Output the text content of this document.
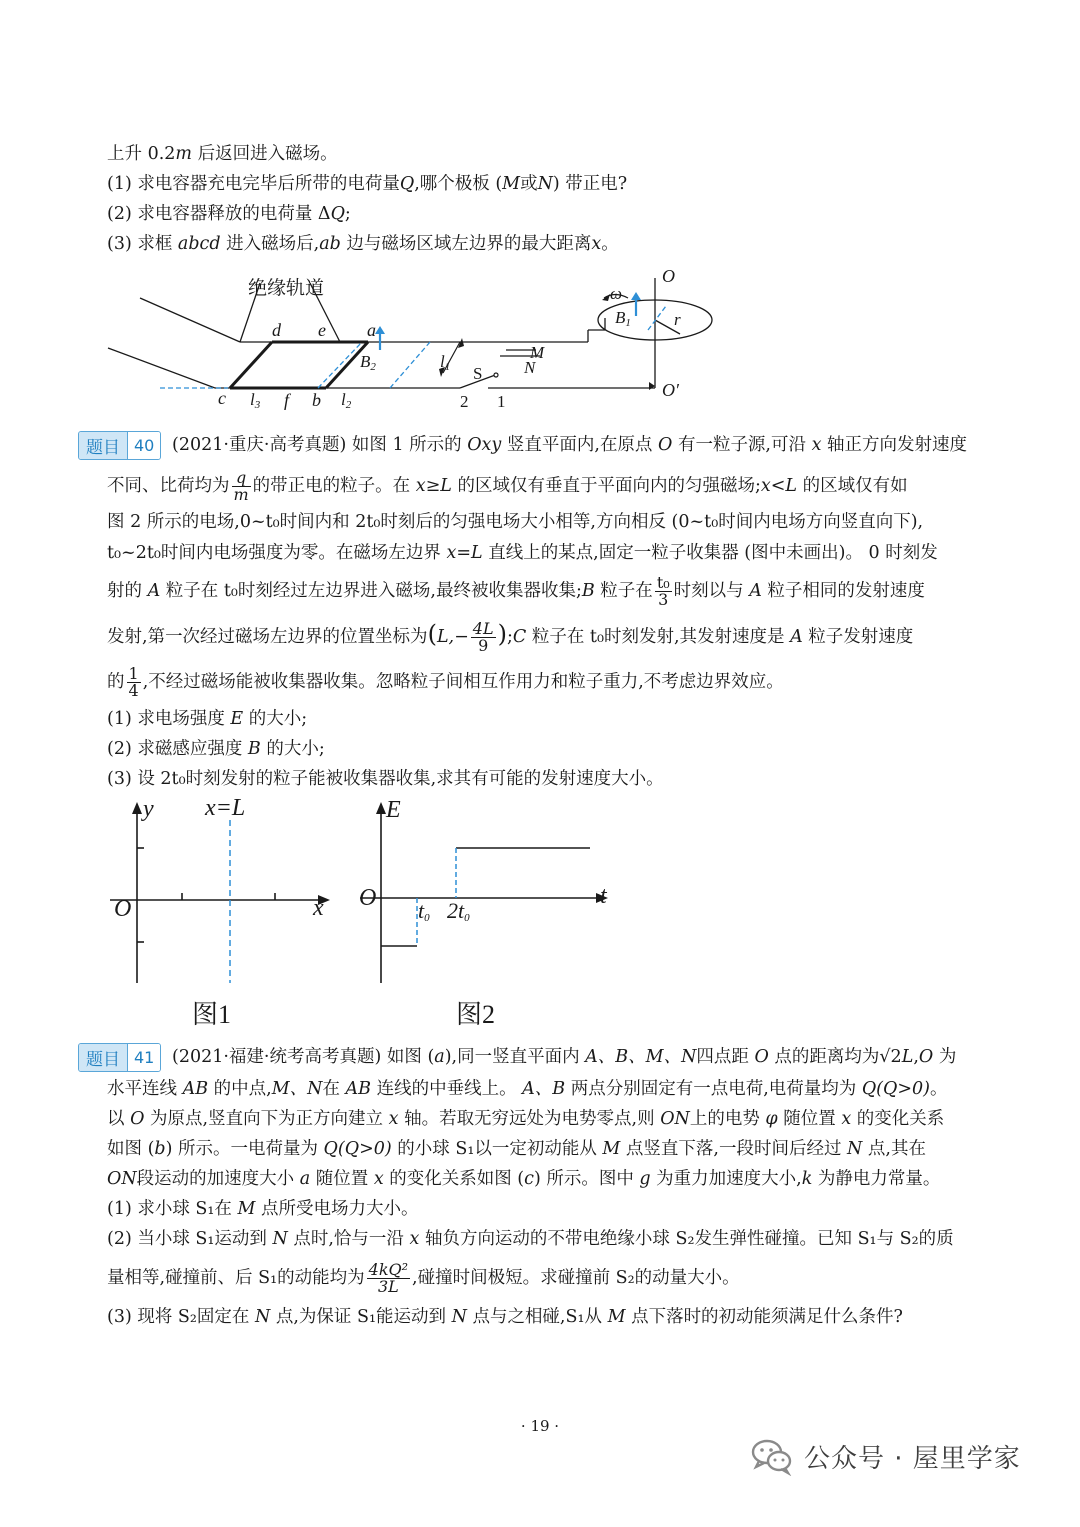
上升 0.2m 后返回进入磁场。
(1) 求电容器充电完毕后所带的电荷量Q,哪个极板 (M或N) 带正电?
(2) 求电容器释放的电荷量 ΔQ;
(3) 求框 abcd 进入磁场后,ab 边与磁场区域左边界的最大距离x。
绝缘轨道
d e a
$B_2$	$l_1$
c $l_3$ f b $l_2$
M
N
S
2 1
O
O′
ω
$B_1$	r
题目 40	(2021·重庆·高考真题) 如图 1 所示的 Oxy 竖直平面内,在原点 O 有一粒子源,可沿 x 轴正方向发射速度
不同、比荷均为 $\frac{q}{m}$ 的带正电的粒子。在 x≥L 的区域仅有垂直于平面向内的匀强磁场;x<L 的区域仅有如
图 2 所示的电场,0~t₀时间内和 2t₀时刻后的匀强电场大小相等,方向相反 (0~t₀时间内电场方向竖直向下),
t₀~2t₀时间内电场强度为零。在磁场左边界 x=L 直线上的某点,固定一粒子收集器 (图中未画出)。 0 时刻发
射的 A 粒子在 t₀时刻经过左边界进入磁场,最终被收集器收集;B 粒子在 $\frac{\text{t₀}}{3}$ 时刻以与 A 粒子相同的发射速度
发射,第一次经过磁场左边界的位置坐标为($L,- \frac{4L}{9}$ );C 粒子在 t₀时刻发射,其发射速度是 A 粒子发射速度
的 $\frac{1}{4}$ ,不经过磁场能被收集器收集。忽略粒子间相互作用力和粒子重力,不考虑边界效应。
(1) 求电场强度 E 的大小;
(2) 求磁感应强度 B 的大小;
(3) 设 2t₀时刻发射的粒子能被收集器收集,求其有可能的发射速度大小。
y x=L
x
O
图1
E
O	t
$t_0$ $2t_0$
图2
题目 41	(2021·福建·统考高考真题) 如图 (a),同一竖直平面内 A、B、M、N四点距 O 点的距离均为√2L,O 为
水平连线 AB 的中点,M、N在 AB 连线的中垂线上。 A、B 两点分别固定有一点电荷,电荷量均为 Q(Q>0)。
以 O 为原点,竖直向下为正方向建立 x 轴。若取无穷远处为电势零点,则 ON上的电势 φ 随位置 x 的变化关系
如图 (b) 所示。一电荷量为 Q(Q>0) 的小球 S₁以一定初动能从 M 点竖直下落,一段时间后经过 N 点,其在
ON段运动的加速度大小 a 随位置 x 的变化关系如图 (c) 所示。图中 g 为重力加速度大小,k 为静电力常量。
(1) 求小球 S₁在 M 点所受电场力大小。
(2) 当小球 S₁运动到 N 点时,恰与一沿 x 轴负方向运动的不带电绝缘小球 S₂发生弹性碰撞。已知 S₁与 S₂的质
量相等,碰撞前、后 S₁的动能均为 $\frac{\text{4kQ²}}{3L}$ ,碰撞时间极短。求碰撞前 S₂的动量大小。
(3) 现将 S₂固定在 N 点,为保证 S₁能运动到 N 点与之相碰,S₁从 M 点下落时的初动能须满足什么条件?
· 19 ·
公众号 · 屋里学家
